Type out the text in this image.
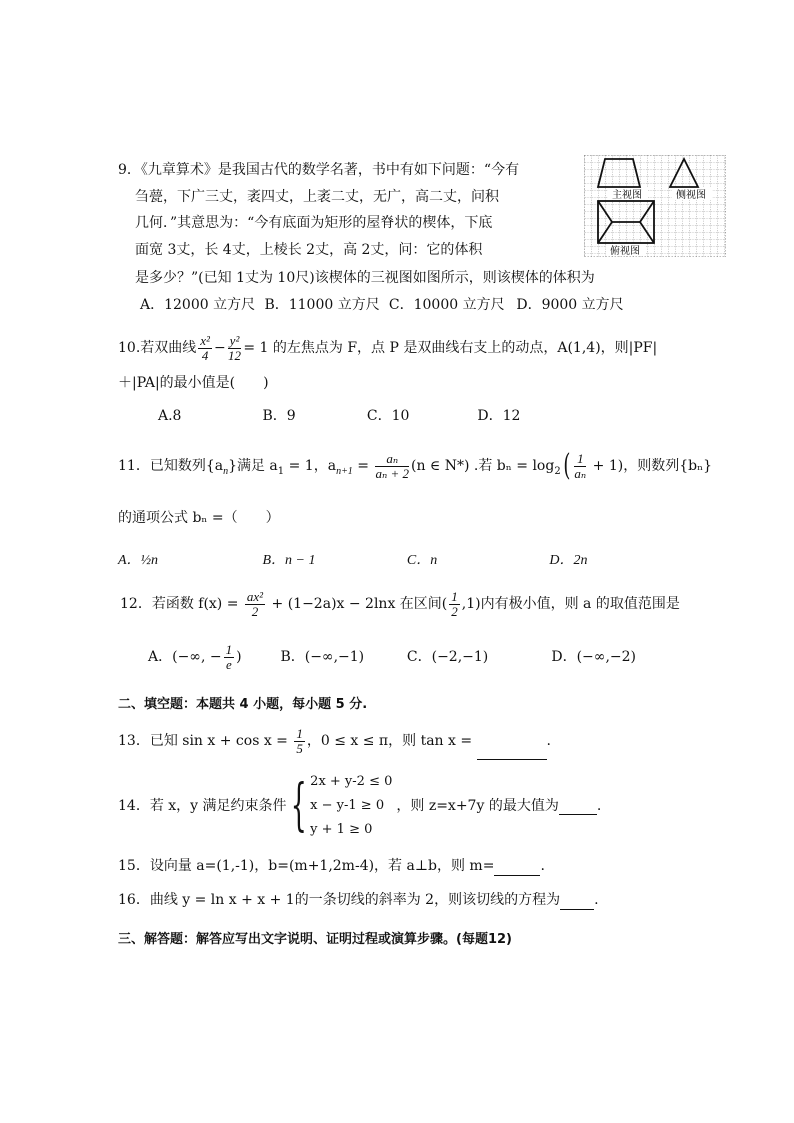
9．《九章算术》是我国古代的数学名著，书中有如下问题：“今有
刍甍，下广三丈，袤四丈，上袤二丈，无广，高二丈，问积
几何．”其意思为：“今有底面为矩形的屋脊状的楔体，下底
面宽 3丈，长 4丈，上棱长 2丈，高 2丈，问：它的体积
是多少？”(已知 1丈为 10尺)该楔体的三视图如图所示，则该楔体的体积为
A．12000 立方尺 B．11000 立方尺 C．10000 立方尺 D．9000 立方尺
主视图	侧视图
俯视图
10.若双曲线 $\frac{\text{x²}}{4} - \frac{\text{y²}}{12} = 1$ 的左焦点为 F，点 P 是双曲线右支上的动点，A(1,4)，则|PF|
＋|PA|的最小值是(　　)
A.8	B．9	C．10	D．12
11．已知数列$\{a_n\}$满足 $a_1 = 1$，$a_{n+1} = \frac{\text{aₙ}}{\text{aₙ + 2}} (n$ ∈ N*) .若 $b_n = \log_2( \frac{1}{\text{aₙ}} + 1)$，则数列{bₙ}
的通项公式 bₙ =（　　）
A．½n	B．n − 1	C．n	D．2n
12．若函数 $f(x) = \frac{\text{ax²}}{2} + (1-2a)x - 2\ln x$ 在区间( $\frac{1}{2} ,1$)内有极小值，则 a 的取值范围是
A．(−∞, − $\frac{1}{e}$ )	B．(−∞,−1)	C．(−2,−1)	D．(−∞,−2)
二、填空题：本题共 4 小题，每小题 5 分.
13．已知 $\sin x + \cos x = \frac{1}{5}$ ，0 ≤ x ≤ π，则 tan x =	.
14．若 x，y 满足约束条件{ 2x + y-2 ≤ 0
x − y-1 ≥ 0
y + 1 ≥ 0
，则 z=x+7y 的最大值为	.
15．设向量 a=(1,-1)，b=(m+1,2m-4)，若 a⊥b，则 m=	.
16．曲线 y = ln x + x + 1的一条切线的斜率为 2，则该切线的方程为 .
三、解答题：解答应写出文字说明、证明过程或演算步骤。(每题12)
